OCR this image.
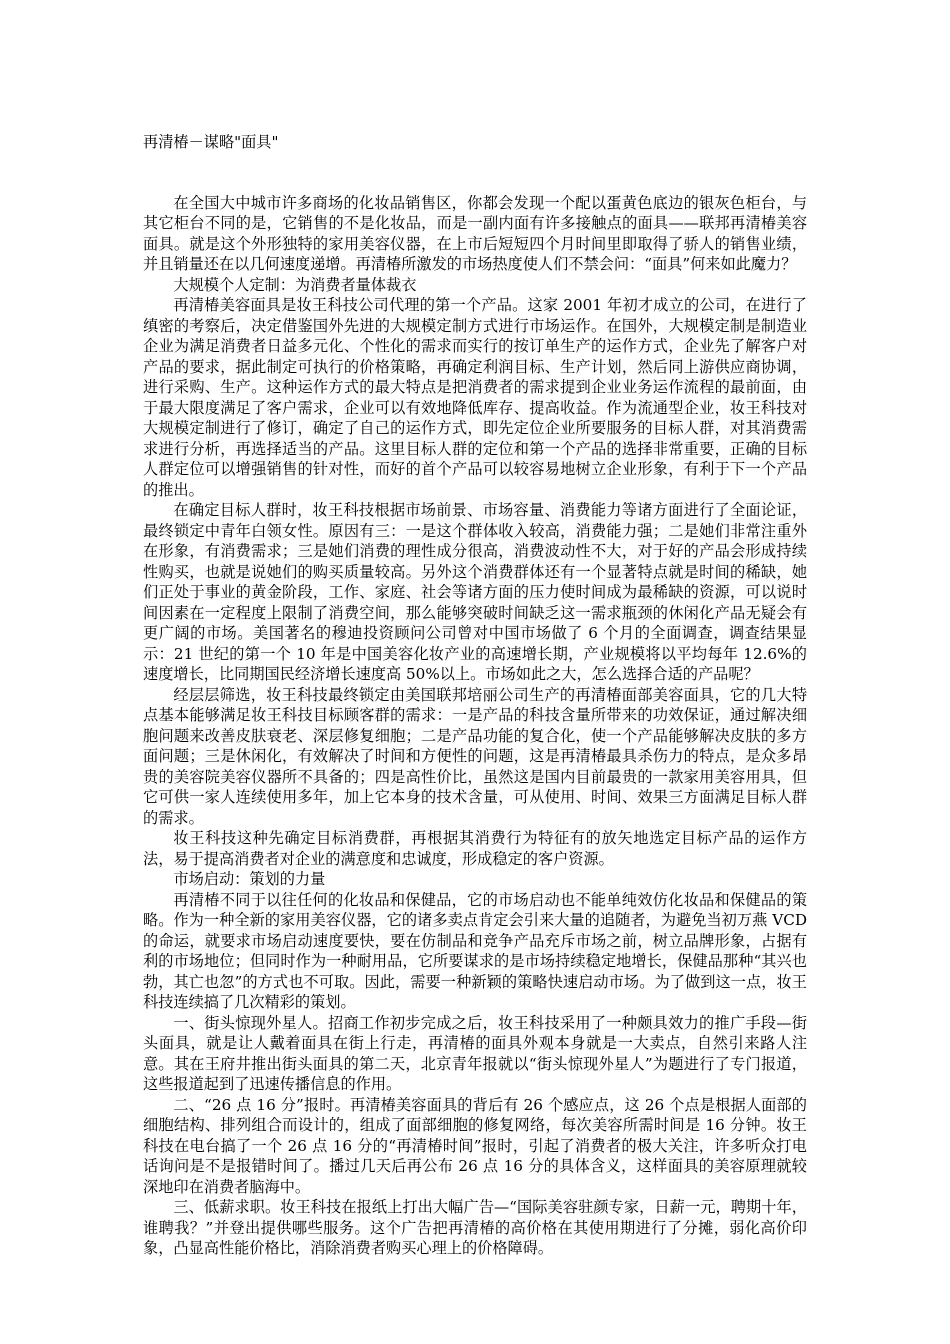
再清椿－谋略"面具"

在全国大中城市许多商场的化妆品销售区，你都会发现一个配以蛋黄色底边的银灰色柜台，与其它柜台不同的是，它销售的不是化妆品，而是一副内面有许多接触点的面具——联邦再清椿美容面具。就是这个外形独特的家用美容仪器，在上市后短短四个月时间里即取得了骄人的销售业绩，并且销量还在以几何速度递增。再清椿所激发的市场热度使人们不禁会问：“面具”何来如此魔力？

大规模个人定制：为消费者量体裁衣

再清椿美容面具是妆王科技公司代理的第一个产品。这家 2001 年初才成立的公司，在进行了缜密的考察后，决定借鉴国外先进的大规模定制方式进行市场运作。在国外，大规模定制是制造业企业为满足消费者日益多元化、个性化的需求而实行的按订单生产的运作方式，企业先了解客户对产品的要求，据此制定可执行的价格策略，再确定利润目标、生产计划，然后同上游供应商协调，进行采购、生产。这种运作方式的最大特点是把消费者的需求提到企业业务运作流程的最前面，由于最大限度满足了客户需求，企业可以有效地降低库存、提高收益。作为流通型企业，妆王科技对大规模定制进行了修订，确定了自己的运作方式，即先定位企业所要服务的目标人群，对其消费需求进行分析，再选择适当的产品。这里目标人群的定位和第一个产品的选择非常重要，正确的目标人群定位可以增强销售的针对性，而好的首个产品可以较容易地树立企业形象，有利于下一个产品的推出。

在确定目标人群时，妆王科技根据市场前景、市场容量、消费能力等诸方面进行了全面论证，最终锁定中青年白领女性。原因有三：一是这个群体收入较高，消费能力强；二是她们非常注重外在形象，有消费需求；三是她们消费的理性成分很高，消费波动性不大，对于好的产品会形成持续性购买，也就是说她们的购买质量较高。另外这个消费群体还有一个显著特点就是时间的稀缺，她们正处于事业的黄金阶段，工作、家庭、社会等诸方面的压力使时间成为最稀缺的资源，可以说时间因素在一定程度上限制了消费空间，那么能够突破时间缺乏这一需求瓶颈的休闲化产品无疑会有更广阔的市场。美国著名的穆迪投资顾问公司曾对中国市场做了 6 个月的全面调查，调查结果显示：21 世纪的第一个 10 年是中国美容化妆产业的高速增长期，产业规模将以平均每年 12.6%的速度增长，比同期国民经济增长速度高 50%以上。市场如此之大，怎么选择合适的产品呢？

经层层筛选，妆王科技最终锁定由美国联邦培丽公司生产的再清椿面部美容面具，它的几大特点基本能够满足妆王科技目标顾客群的需求：一是产品的科技含量所带来的功效保证，通过解决细胞问题来改善皮肤衰老、深层修复细胞；二是产品功能的复合化，使一个产品能够解决皮肤的多方面问题；三是休闲化，有效解决了时间和方便性的问题，这是再清椿最具杀伤力的特点，是众多昂贵的美容院美容仪器所不具备的；四是高性价比，虽然这是国内目前最贵的一款家用美容用具，但它可供一家人连续使用多年，加上它本身的技术含量，可从使用、时间、效果三方面满足目标人群的需求。

妆王科技这种先确定目标消费群，再根据其消费行为特征有的放矢地选定目标产品的运作方法，易于提高消费者对企业的满意度和忠诚度，形成稳定的客户资源。

市场启动：策划的力量

再清椿不同于以往任何的化妆品和保健品，它的市场启动也不能单纯效仿化妆品和保健品的策略。作为一种全新的家用美容仪器，它的诸多卖点肯定会引来大量的追随者，为避免当初万燕 VCD 的命运，就要求市场启动速度要快，要在仿制品和竞争产品充斥市场之前，树立品牌形象，占据有利的市场地位；但同时作为一种耐用品，它所要谋求的是市场持续稳定地增长，保健品那种“其兴也勃，其亡也忽”的方式也不可取。因此，需要一种新颖的策略快速启动市场。为了做到这一点，妆王科技连续搞了几次精彩的策划。

一、街头惊现外星人。招商工作初步完成之后，妆王科技采用了一种颇具效力的推广手段—街头面具，就是让人戴着面具在街上行走，再清椿的面具外观本身就是一大卖点，自然引来路人注意。其在王府井推出街头面具的第二天，北京青年报就以“街头惊现外星人”为题进行了专门报道，这些报道起到了迅速传播信息的作用。

二、“26 点 16 分”报时。再清椿美容面具的背后有 26 个感应点，这 26 个点是根据人面部的细胞结构、排列组合而设计的，组成了面部细胞的修复网络，每次美容所需时间是 16 分钟。妆王科技在电台搞了一个 26 点 16 分的“再清椿时间”报时，引起了消费者的极大关注，许多听众打电话询问是不是报错时间了。播过几天后再公布 26 点 16 分的具体含义，这样面具的美容原理就较深地印在消费者脑海中。

三、低薪求职。妆王科技在报纸上打出大幅广告—“国际美容驻颜专家，日薪一元，聘期十年，谁聘我？”并登出提供哪些服务。这个广告把再清椿的高价格在其使用期进行了分摊，弱化高价印象，凸显高性能价格比，消除消费者购买心理上的价格障碍。
